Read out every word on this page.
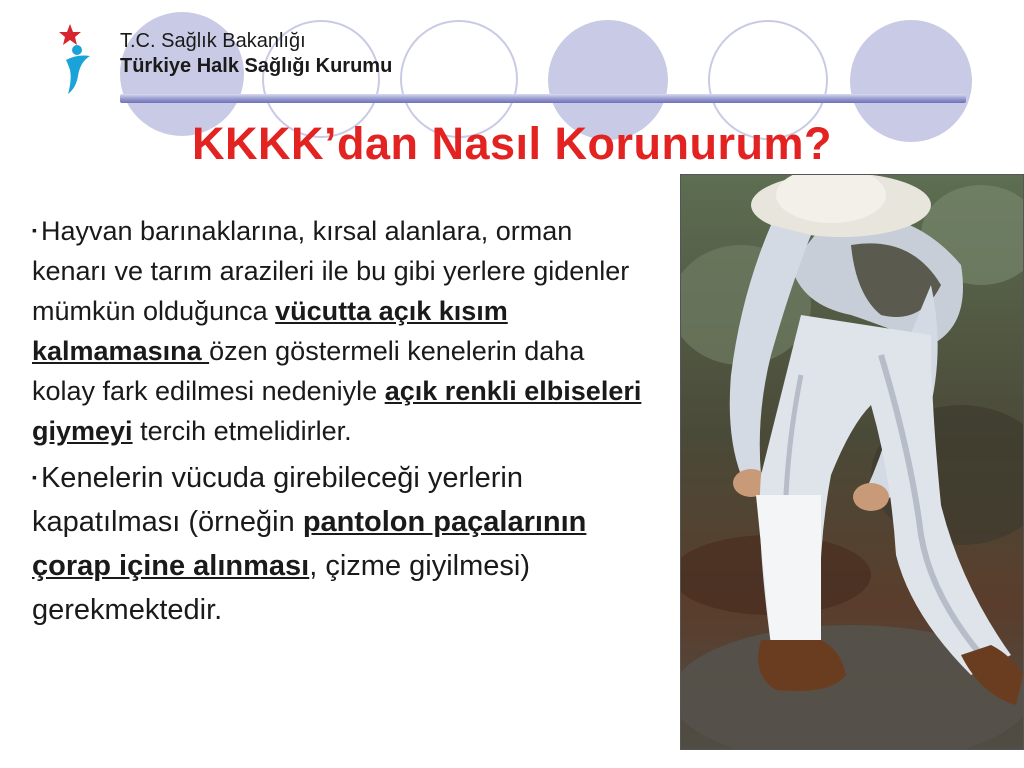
T.C. Sağlık Bakanlığı
Türkiye Halk Sağlığı Kurumu
KKKK’dan Nasıl Korunurum?
▪ Hayvan barınaklarına, kırsal alanlara, orman kenarı ve tarım arazileri ile bu gibi yerlere gidenler mümkün olduğunca vücutta açık kısım kalmamasına özen göstermeli kenelerin daha kolay fark edilmesi nedeniyle açık renkli elbiseleri giymeyi tercih etmelidirler.
▪ Kenelerin vücuda girebileceği yerlerin kapatılması (örneğin pantolon paçalarının çorap içine alınması, çizme giyilmesi) gerekmektedir.
